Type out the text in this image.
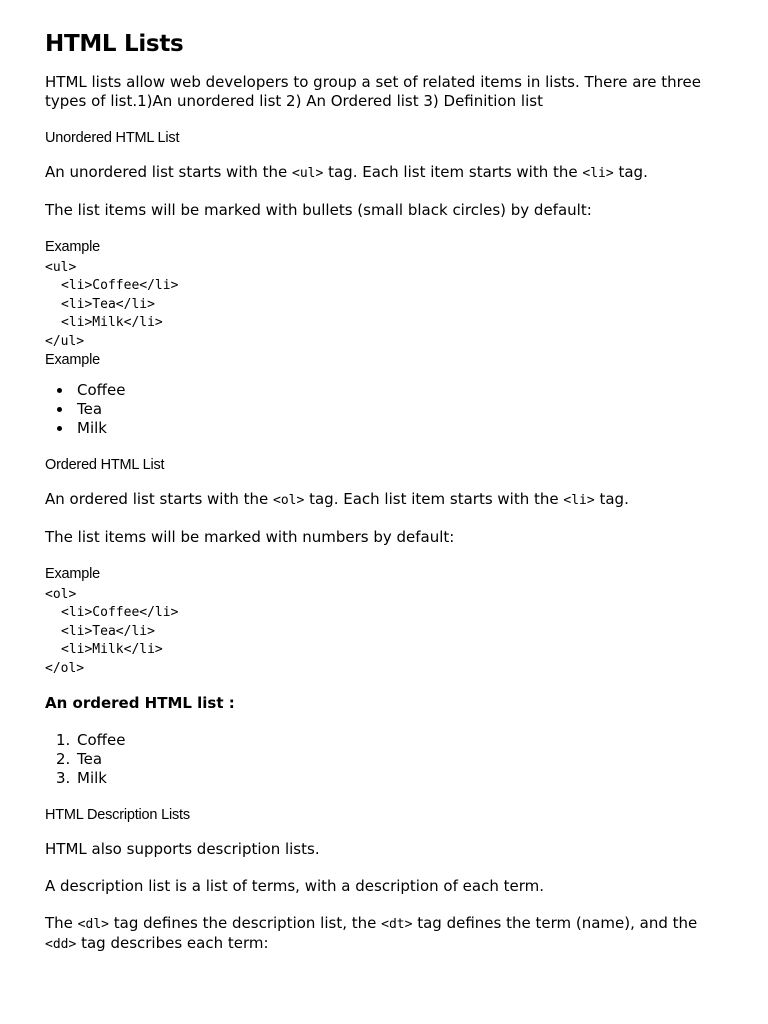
HTML Lists

HTML lists allow web developers to group a set of related items in lists. There are three types of list.1)An unordered list 2) An Ordered list 3) Definition list

Unordered HTML List

An unordered list starts with the <ul> tag. Each list item starts with the <li> tag.

The list items will be marked with bullets (small black circles) by default:

Example
<ul>
<li>Coffee</li>
<li>Tea</li>
<li>Milk</li>
</ul>
Example
Coffee
Tea
Milk
Ordered HTML List

An ordered list starts with the <ol> tag. Each list item starts with the <li> tag.

The list items will be marked with numbers by default:

Example
<ol>
<li>Coffee</li>
<li>Tea</li>
<li>Milk</li>
</ol>

An ordered HTML list :

1. Coffee
2. Tea
3. Milk
HTML Description Lists

HTML also supports description lists.

A description list is a list of terms, with a description of each term.

The <dl> tag defines the description list, the <dt> tag defines the term (name), and the <dd> tag describes each term:
